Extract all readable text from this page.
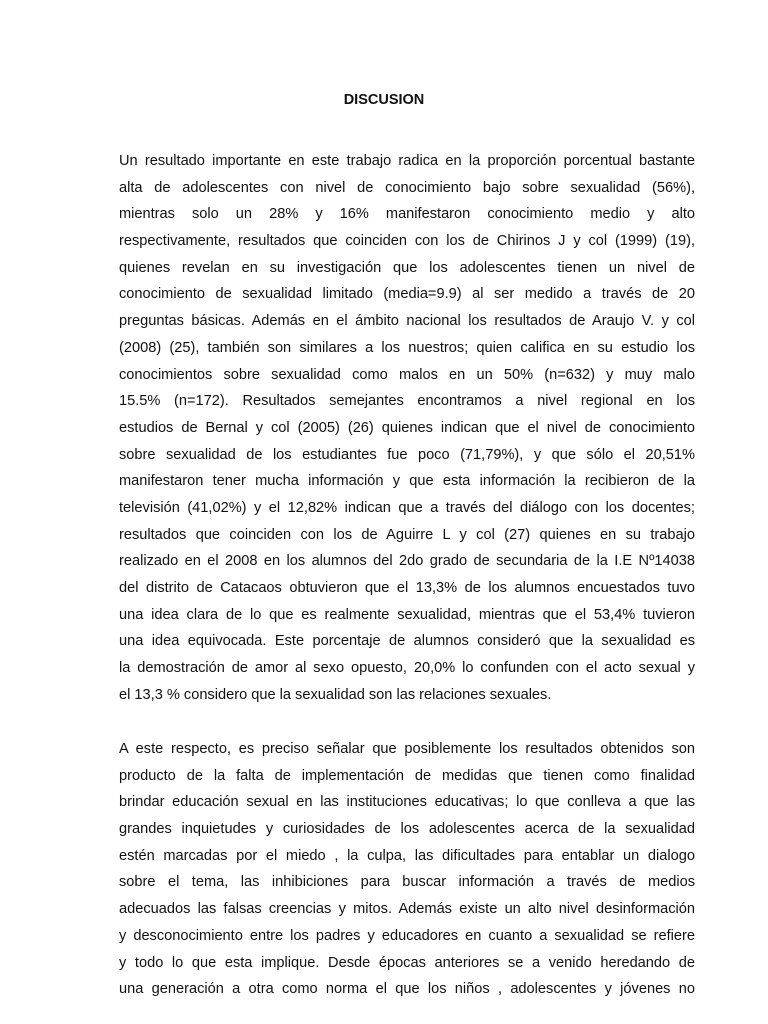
DISCUSION
Un resultado importante en este trabajo radica en la proporción porcentual bastante
alta de adolescentes con nivel de conocimiento bajo sobre sexualidad (56%),
mientras solo un 28% y 16% manifestaron conocimiento medio y alto
respectivamente, resultados que coinciden con los de Chirinos J y col (1999) (19),
quienes revelan en su investigación que los adolescentes tienen un nivel de
conocimiento de sexualidad limitado (media=9.9) al ser medido a través de 20
preguntas básicas. Además en el ámbito nacional los resultados de Araujo V. y col
(2008) (25), también son similares a los nuestros; quien califica en su estudio los
conocimientos sobre sexualidad como malos en un 50% (n=632) y muy malo
15.5% (n=172). Resultados semejantes encontramos a nivel regional en los
estudios de Bernal y col (2005) (26) quienes indican que el nivel de conocimiento
sobre sexualidad de los estudiantes fue poco (71,79%), y que sólo el 20,51%
manifestaron tener mucha información y que esta información la recibieron de la
televisión (41,02%) y el 12,82% indican que a través del diálogo con los docentes;
resultados que coinciden con los de Aguirre L y col (27) quienes en su trabajo
realizado en el 2008 en los alumnos del 2do grado de secundaria de la I.E Nº14038
del distrito de Catacaos obtuvieron que el 13,3% de los alumnos encuestados tuvo
una idea clara de lo que es realmente sexualidad, mientras que el 53,4% tuvieron
una idea equivocada. Este porcentaje de alumnos consideró que la sexualidad es
la demostración de amor al sexo opuesto, 20,0% lo confunden con el acto sexual y
el 13,3 % considero que la sexualidad son las relaciones sexuales.
A este respecto, es preciso señalar que posiblemente los resultados obtenidos son
producto de la falta de implementación de medidas que tienen como finalidad
brindar educación sexual en las instituciones educativas; lo que conlleva a que las
grandes inquietudes y curiosidades de los adolescentes acerca de la sexualidad
estén marcadas por el miedo , la culpa, las dificultades para entablar un dialogo
sobre el tema, las inhibiciones para buscar información a través de medios
adecuados las falsas creencias y mitos. Además existe un alto nivel desinformación
y desconocimiento entre los padres y educadores en cuanto a sexualidad se refiere
y todo lo que esta implique. Desde épocas anteriores se a venido heredando de
una generación a otra como norma el que los niños , adolescentes y jóvenes no
